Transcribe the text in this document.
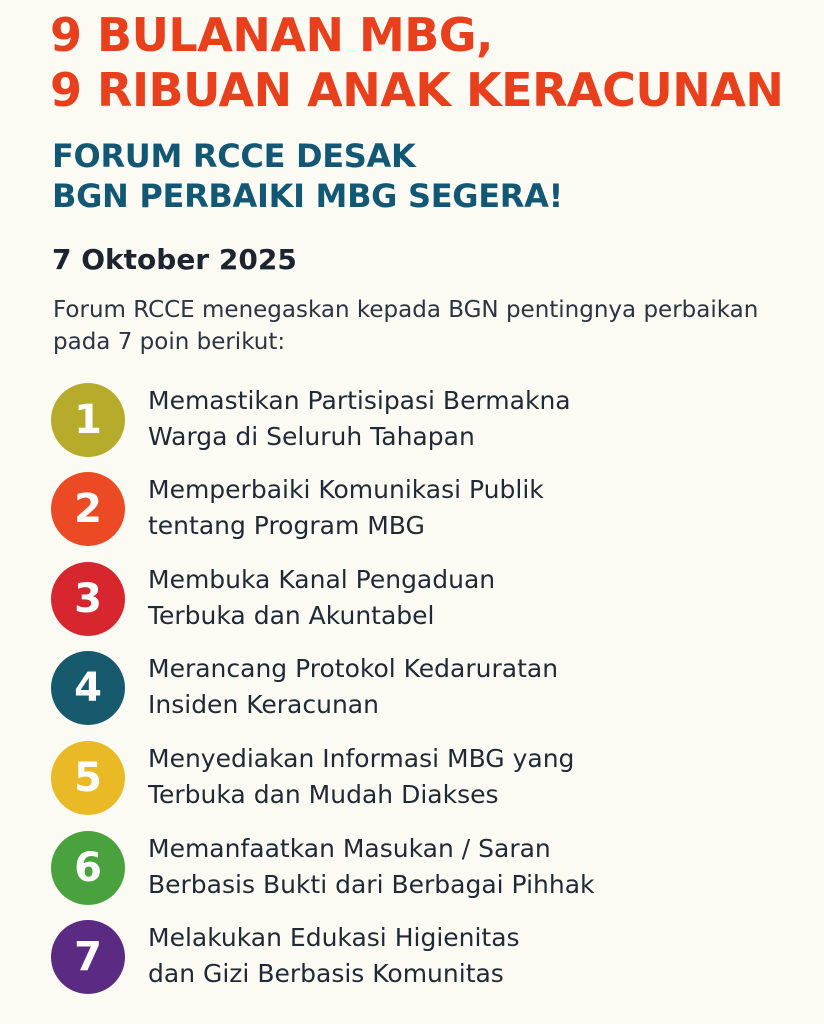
9 BULANAN MBG,
9 RIBUAN ANAK KERACUNAN
FORUM RCCE DESAK
BGN PERBAIKI MBG SEGERA!

7 Oktober 2025

Forum RCCE menegaskan kepada BGN pentingnya perbaikan pada 7 poin berikut:

1	Memastikan Partisipasi Bermakna
Warga di Seluruh Tahapan
2	Memperbaiki Komunikasi Publik
tentang Program MBG
3	Membuka Kanal Pengaduan
Terbuka dan Akuntabel
4	Merancang Protokol Kedaruratan
Insiden Keracunan
5	Menyediakan Informasi MBG yang
Terbuka dan Mudah Diakses
6	Memanfaatkan Masukan / Saran
Berbasis Bukti dari Berbagai Pihhak
7	Melakukan Edukasi Higienitas
dan Gizi Berbasis Komunitas
